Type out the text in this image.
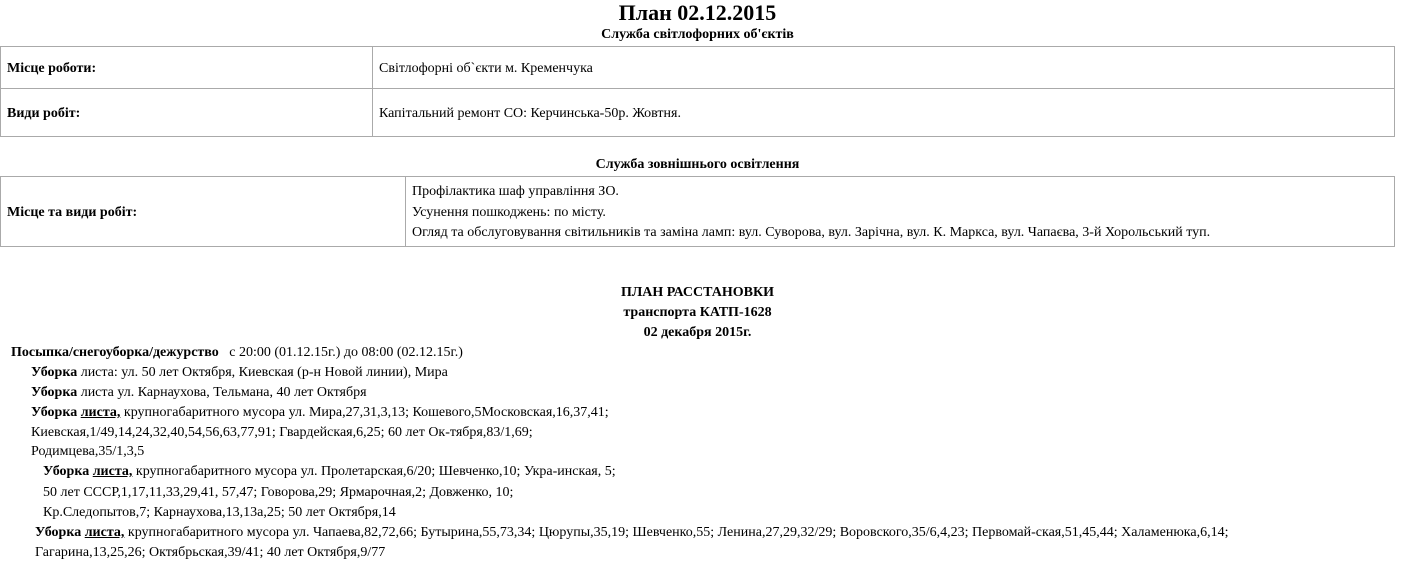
План 02.12.2015
Служба світлофорних об'єктів
Місце роботи:	Світлофорні об`єкти м. Кременчука
Види робіт:	Капітальний ремонт СО: Керчинська-50р. Жовтня.
Служба зовнішнього освітлення
Місце та види робіт:
Профілактика шаф управління ЗО.
Усунення пошкоджень: по місту.
Огляд та обслуговування світильників та заміна ламп: вул. Суворова, вул. Зарічна, вул. К. Маркса, вул. Чапаєва, 3-й Хорольський туп.
ПЛАН РАССТАНОВКИ
транспорта КАТП-1628
02 декабря 2015г.
Посыпка/снегоуборка/дежурство с 20:00 (01.12.15г.) до 08:00 (02.12.15г.)
Уборка листа: ул. 50 лет Октября, Киевская (р-н Новой линии), Мира
Уборка листа ул. Карнаухова, Тельмана, 40 лет Октября
Уборка листа, крупногабаритного мусора ул. Мира,27,31,3,13; Кошевого,5Московская,16,37,41;
Киевская,1/49,14,24,32,40,54,56,63,77,91; Гвардейская,6,25; 60 лет Ок-тября,83/1,69;
Родимцева,35/1,3,5
Уборка листа, крупногабаритного мусора ул. Пролетарская,6/20; Шевченко,10; Укра-инская, 5;
50 лет СССР,1,17,11,33,29,41, 57,47; Говорова,29; Ярмарочная,2; Довженко, 10;
Кр.Следопытов,7; Карнаухова,13,13а,25; 50 лет Октября,14
Уборка листа, крупногабаритного мусора ул. Чапаева,82,72,66; Бутырина,55,73,34; Цюрупы,35,19; Шевченко,55; Ленина,27,29,32/29; Воровского,35/6,4,23; Первомай-ская,51,45,44; Халаменюка,6,14;
Гагарина,13,25,26; Октябрьская,39/41; 40 лет Октября,9/77
